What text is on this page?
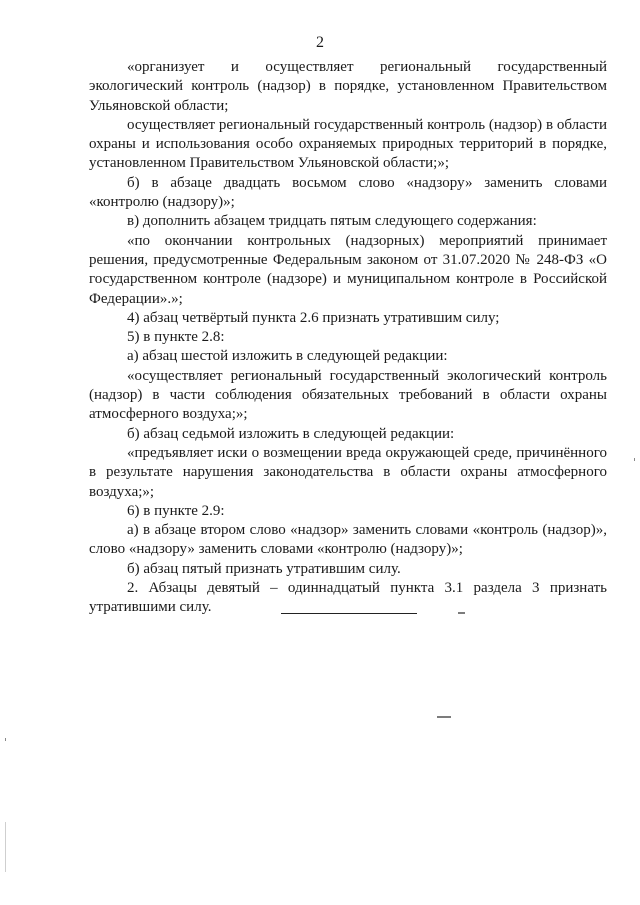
2

«организует и осуществляет региональный государственный экологический контроль (надзор) в порядке, установленном Правительством Ульяновской области;

осуществляет региональный государственный контроль (надзор) в области охраны и использования особо охраняемых природных территорий в порядке, установленном Правительством Ульяновской области;»;

б) в абзаце двадцать восьмом слово «надзору» заменить словами «контролю (надзору)»;

в) дополнить абзацем тридцать пятым следующего содержания:

«по окончании контрольных (надзорных) мероприятий принимает решения, предусмотренные Федеральным законом от 31.07.2020 № 248-ФЗ «О государственном контроле (надзоре) и муниципальном контроле в Российской Федерации».»;

4) абзац четвёртый пункта 2.6 признать утратившим силу;

5) в пункте 2.8:

а) абзац шестой изложить в следующей редакции:

«осуществляет региональный государственный экологический контроль (надзор) в части соблюдения обязательных требований в области охраны атмосферного воздуха;»;

б) абзац седьмой изложить в следующей редакции:

«предъявляет иски о возмещении вреда окружающей среде, причинённого в результате нарушения законодательства в области охраны атмосферного воздуха;»;

6) в пункте 2.9:

а) в абзаце втором слово «надзор» заменить словами «контроль (надзор)», слово «надзору» заменить словами «контролю (надзору)»;

б) абзац пятый признать утратившим силу.

2. Абзацы девятый – одиннадцатый пункта 3.1 раздела 3 признать утратившими силу.
